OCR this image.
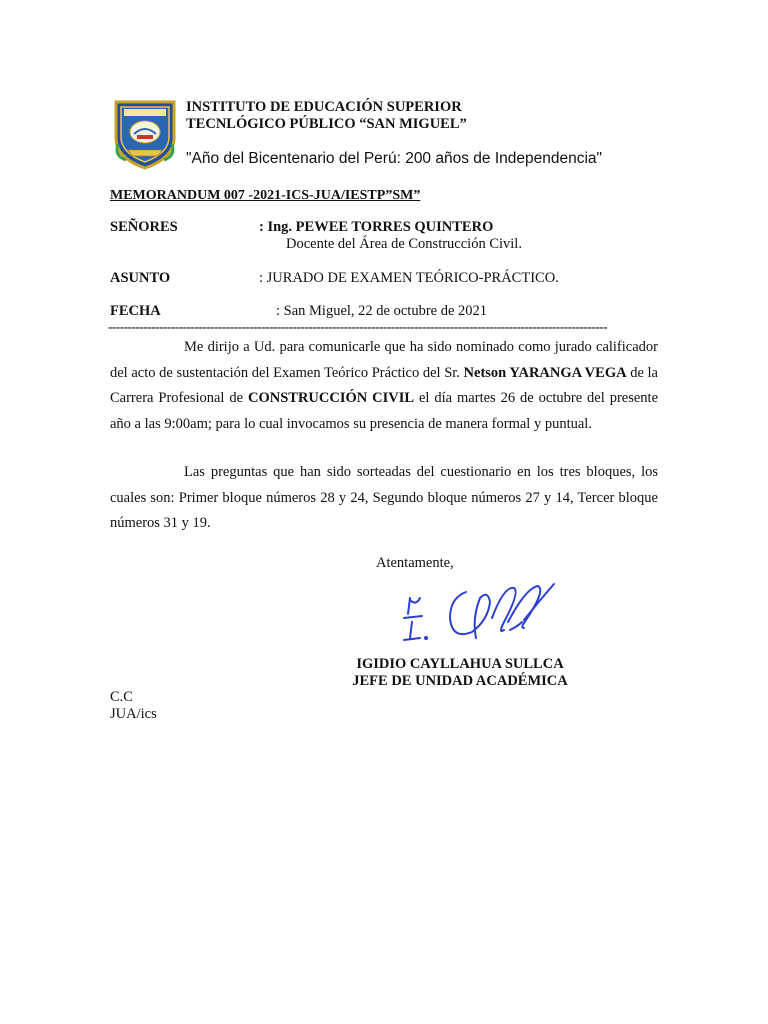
INSTITUTO DE EDUCACIÓN SUPERIOR
TECNLÓGICO PÚBLICO “SAN MIGUEL”
"Año del Bicentenario del Perú: 200 años de Independencia"
MEMORANDUM 007 -2021-ICS-JUA/IESTP”SM”
SEÑORES	: Ing. PEWEE TORRES QUINTERO
Docente del Área de Construcción Civil.
ASUNTO	: JURADO DE EXAMEN TEÓRICO-PRÁCTICO.
FECHA	: San Miguel, 22 de octubre de 2021
-------------------------------------------------------------------------------------------------------------------------------

Me dirijo a Ud. para comunicarle que ha sido nominado como jurado calificador del acto de sustentación del Examen Teórico Práctico del Sr. Netson YARANGA VEGA de la Carrera Profesional de CONSTRUCCIÓN CIVIL el día martes 26 de octubre del presente año a las 9:00am; para lo cual invocamos su presencia de manera formal y puntual.

Las preguntas que han sido sorteadas del cuestionario en los tres bloques, los cuales son: Primer bloque números 28 y 24, Segundo bloque números 27 y 14, Tercer bloque números 31 y 19.

Atentamente,
IGIDIO CAYLLAHUA SULLCA
JEFE DE UNIDAD ACADÉMICA
C.C
JUA/ics
